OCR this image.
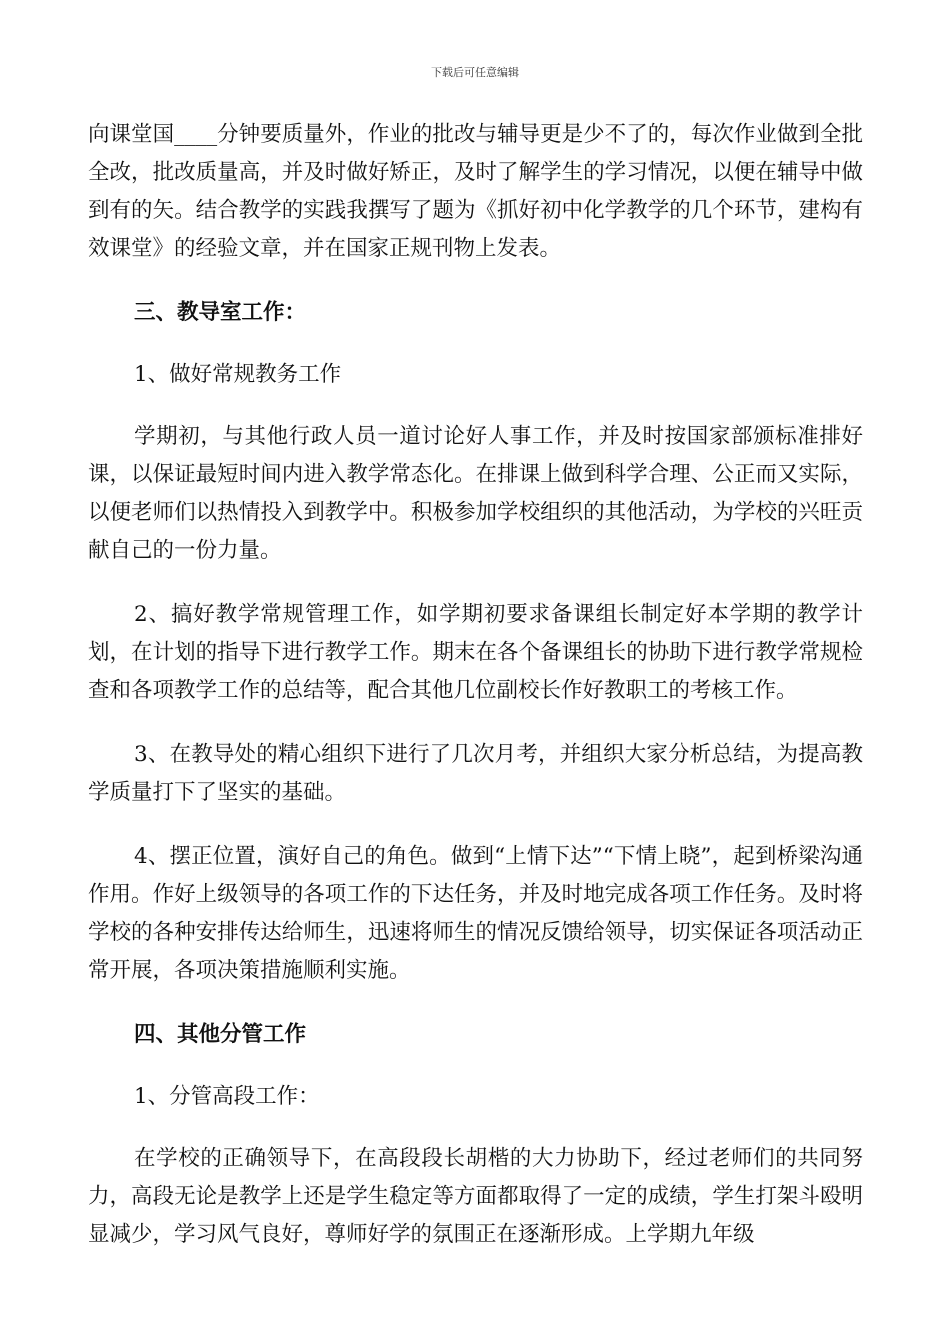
下载后可任意编辑

向课堂国____分钟要质量外，作业的批改与辅导更是少不了的，每次作业做到全批全改，批改质量高，并及时做好矫正，及时了解学生的学习情况，以便在辅导中做到有的矢。结合教学的实践我撰写了题为《抓好初中化学教学的几个环节，建构有效课堂》的经验文章，并在国家正规刊物上发表。

三、教导室工作：

1、做好常规教务工作

学期初，与其他行政人员一道讨论好人事工作，并及时按国家部颁标准排好课，以保证最短时间内进入教学常态化。在排课上做到科学合理、公正而又实际，以便老师们以热情投入到教学中。积极参加学校组织的其他活动，为学校的兴旺贡献自己的一份力量。

2、搞好教学常规管理工作，如学期初要求备课组长制定好本学期的教学计划，在计划的指导下进行教学工作。期末在各个备课组长的协助下进行教学常规检查和各项教学工作的总结等，配合其他几位副校长作好教职工的考核工作。

3、在教导处的精心组织下进行了几次月考，并组织大家分析总结，为提高教学质量打下了坚实的基础。

4、摆正位置，演好自己的角色。做到“上情下达”“下情上晓”，起到桥梁沟通作用。作好上级领导的各项工作的下达任务，并及时地完成各项工作任务。及时将学校的各种安排传达给师生，迅速将师生的情况反馈给领导，切实保证各项活动正常开展，各项决策措施顺利实施。

四、其他分管工作

1、分管高段工作：

在学校的正确领导下，在高段段长胡楷的大力协助下，经过老师们的共同努力，高段无论是教学上还是学生稳定等方面都取得了一定的成绩，学生打架斗殴明显减少，学习风气良好，尊师好学的氛围正在逐渐形成。上学期九年级
